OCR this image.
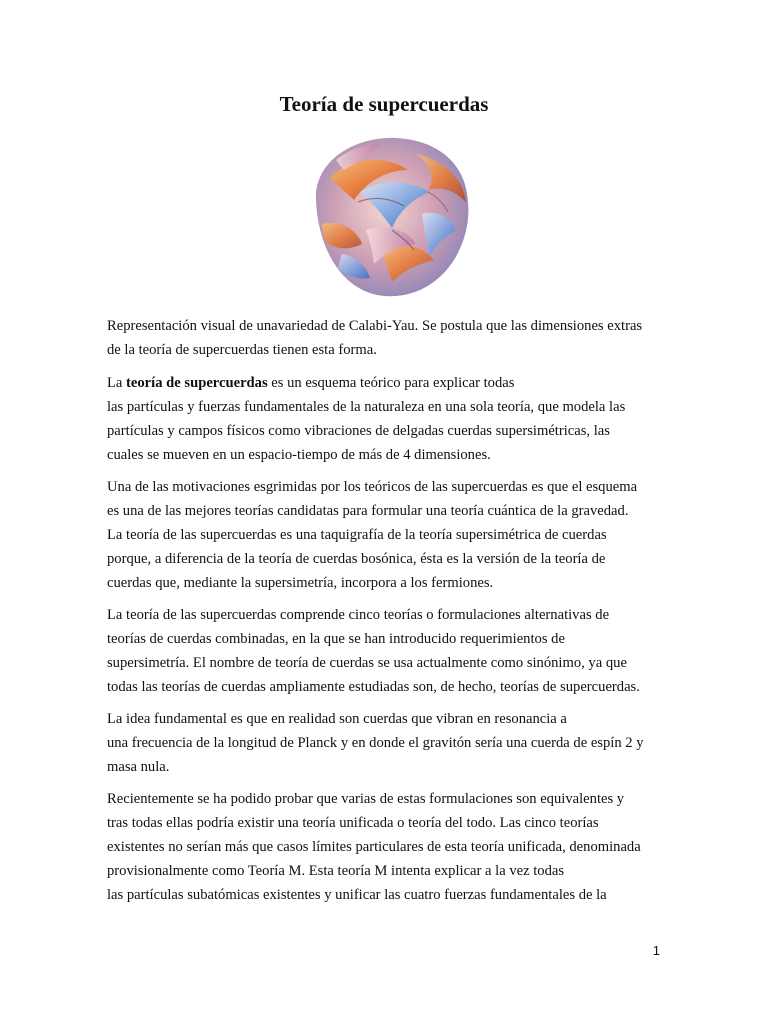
Teoría de supercuerdas

Representación visual de unavariedad de Calabi-Yau. Se postula que las dimensiones extras
de la teoría de supercuerdas tienen esta forma.

La teoría de supercuerdas es un esquema teórico para explicar todas
las partículas y fuerzas fundamentales de la naturaleza en una sola teoría, que modela las
partículas y campos físicos como vibraciones de delgadas cuerdas supersimétricas, las
cuales se mueven en un espacio-tiempo de más de 4 dimensiones.

Una de las motivaciones esgrimidas por los teóricos de las supercuerdas es que el esquema
es una de las mejores teorías candidatas para formular una teoría cuántica de la gravedad.
La teoría de las supercuerdas es una taquigrafía de la teoría supersimétrica de cuerdas
porque, a diferencia de la teoría de cuerdas bosónica, ésta es la versión de la teoría de
cuerdas que, mediante la supersimetría, incorpora a los fermiones.

La teoría de las supercuerdas comprende cinco teorías o formulaciones alternativas de
teorías de cuerdas combinadas, en la que se han introducido requerimientos de
supersimetría. El nombre de teoría de cuerdas se usa actualmente como sinónimo, ya que
todas las teorías de cuerdas ampliamente estudiadas son, de hecho, teorías de supercuerdas.

La idea fundamental es que en realidad son cuerdas que vibran en resonancia a
una frecuencia de la longitud de Planck y en donde el gravitón sería una cuerda de espín 2 y
masa nula.

Recientemente se ha podido probar que varias de estas formulaciones son equivalentes y
tras todas ellas podría existir una teoría unificada o teoría del todo. Las cinco teorías
existentes no serían más que casos límites particulares de esta teoría unificada, denominada
provisionalmente como Teoría M. Esta teoría M intenta explicar a la vez todas
las partículas subatómicas existentes y unificar las cuatro fuerzas fundamentales de la

1
